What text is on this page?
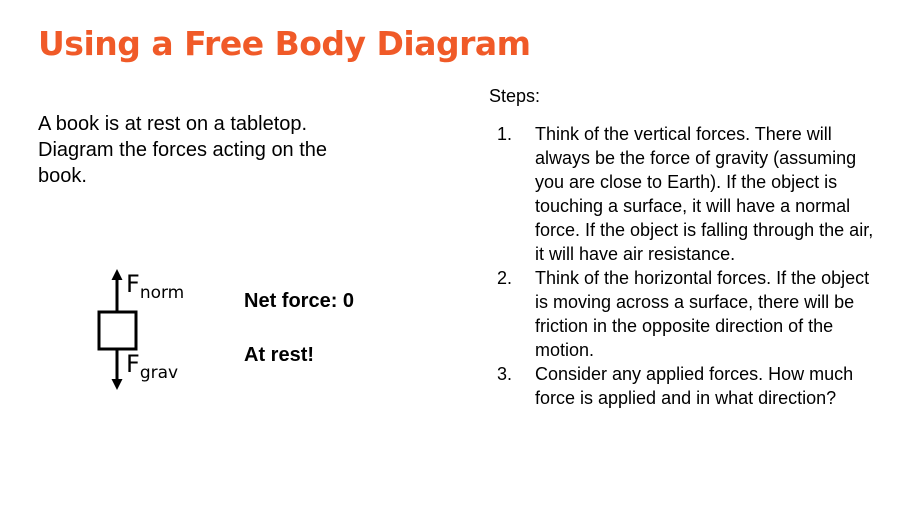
Using a Free Body Diagram
A book is at rest on a tabletop. Diagram the forces acting on the book.
$F_{norm}$
$F_{grav}$
Net force: 0
At rest!
Steps:
1. Think of the vertical forces. There will always be the force of gravity (assuming you are close to Earth). If the object is touching a surface, it will have a normal force. If the object is falling through the air, it will have air resistance.
2. Think of the horizontal forces. If the object is moving across a surface, there will be friction in the opposite direction of the motion.
3. Consider any applied forces. How much force is applied and in what direction?
